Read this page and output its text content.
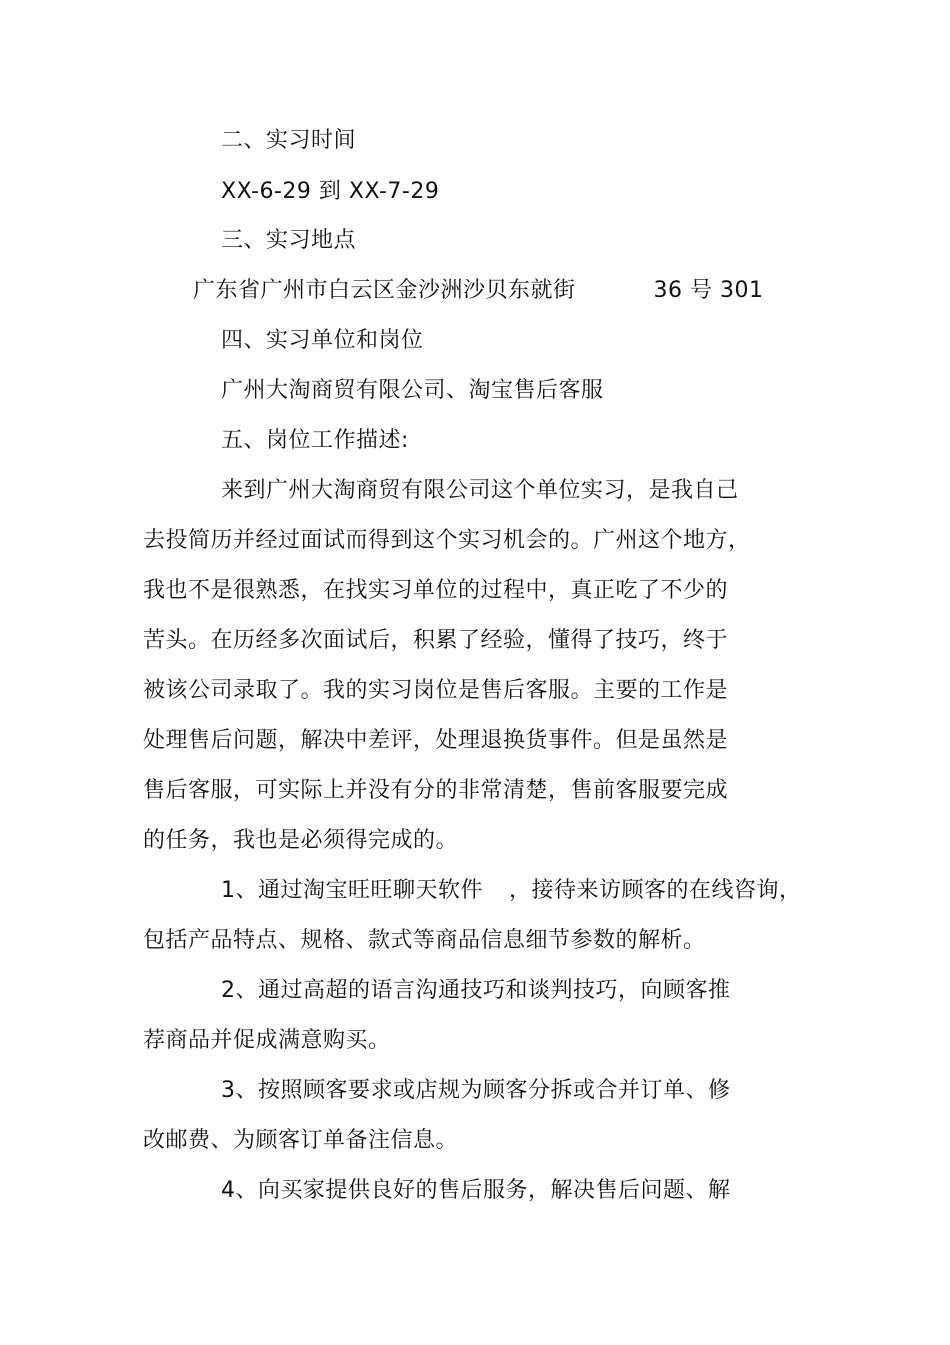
二、实习时间
XX-6-29 到 XX-7-29
三、实习地点
广东省广州市白云区金沙洲沙贝东就街	36 号 301
四、实习单位和岗位
广州大淘商贸有限公司、淘宝售后客服
五、岗位工作描述:
来到广州大淘商贸有限公司这个单位实习，是我自己
去投简历并经过面试而得到这个实习机会的。广州这个地方，
我也不是很熟悉，在找实习单位的过程中，真正吃了不少的
苦头。在历经多次面试后，积累了经验，懂得了技巧，终于
被该公司录取了。我的实习岗位是售后客服。主要的工作是
处理售后问题，解决中差评，处理退换货事件。但是虽然是
售后客服，可实际上并没有分的非常清楚，售前客服要完成
的任务，我也是必须得完成的。
1、通过淘宝旺旺聊天软件 ，接待来访顾客的在线咨询，
包括产品特点、规格、款式等商品信息细节参数的解析。
2、通过高超的语言沟通技巧和谈判技巧，向顾客推
荐商品并促成满意购买。
3、按照顾客要求或店规为顾客分拆或合并订单、修
改邮费、为顾客订单备注信息。
4、向买家提供良好的售后服务，解决售后问题、解
